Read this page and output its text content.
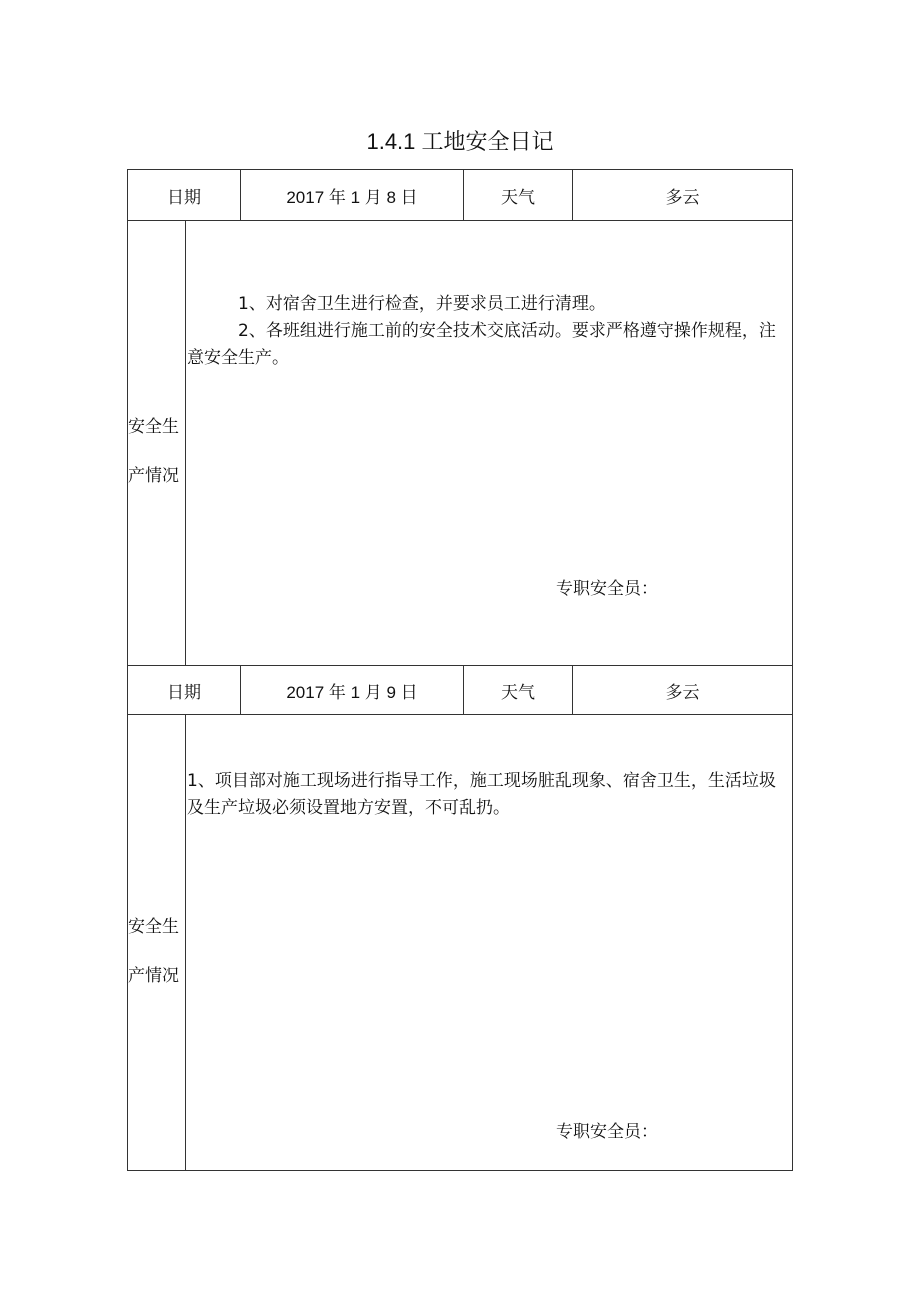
1.4.1 工地安全日记
日期	2017 年 1 月 8 日	天气	多云
安全生
产情况

1、对宿舍卫生进行检查，并要求员工进行清理。

2、各班组进行施工前的安全技术交底活动。要求严格遵守操作规程，注意安全生产。

专职安全员：
日期	2017 年 1 月 9 日	天气	多云
安全生
产情况

1、项目部对施工现场进行指导工作，施工现场脏乱现象、宿舍卫生，生活垃圾及生产垃圾必须设置地方安置，不可乱扔。

专职安全员：
